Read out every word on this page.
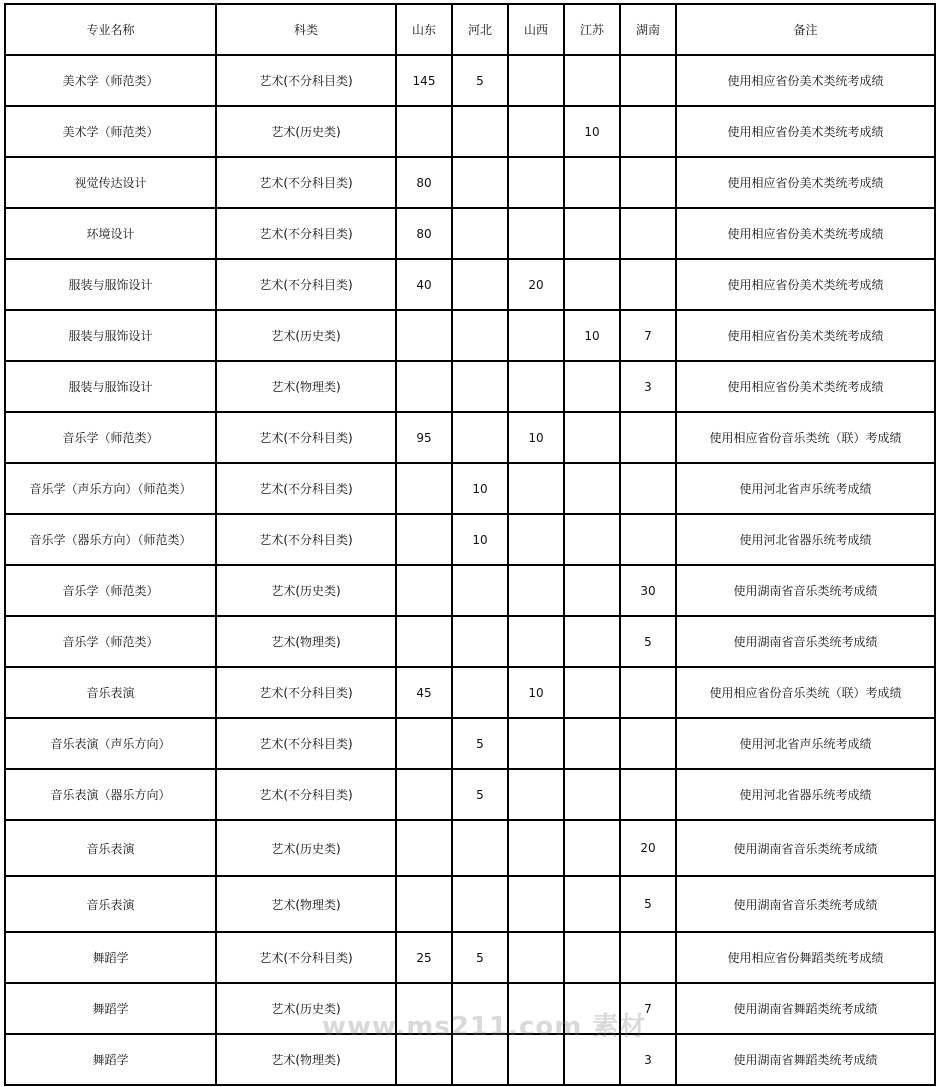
专业名称	科类	山东	河北	山西	江苏	湖南	备注
美术学（师范类）	艺术(不分科目类)	145	5				使用相应省份美术类统考成绩
美术学（师范类）	艺术(历史类)				10		使用相应省份美术类统考成绩
视觉传达设计	艺术(不分科目类)	80					使用相应省份美术类统考成绩
环境设计	艺术(不分科目类)	80					使用相应省份美术类统考成绩
服装与服饰设计	艺术(不分科目类)	40		20			使用相应省份美术类统考成绩
服装与服饰设计	艺术(历史类)				10	7	使用相应省份美术类统考成绩
服装与服饰设计	艺术(物理类)					3	使用相应省份美术类统考成绩
音乐学（师范类）	艺术(不分科目类)	95		10			使用相应省份音乐类统（联）考成绩
音乐学（声乐方向）（师范类）	艺术(不分科目类)		10				使用河北省声乐统考成绩
音乐学（器乐方向）（师范类）	艺术(不分科目类)		10				使用河北省器乐统考成绩
音乐学（师范类）	艺术(历史类)					30	使用湖南省音乐类统考成绩
音乐学（师范类）	艺术(物理类)					5	使用湖南省音乐类统考成绩
音乐表演	艺术(不分科目类)	45		10			使用相应省份音乐类统（联）考成绩
音乐表演（声乐方向）	艺术(不分科目类)		5				使用河北省声乐统考成绩
音乐表演（器乐方向）	艺术(不分科目类)		5				使用河北省器乐统考成绩
音乐表演	艺术(历史类)					20	使用湖南省音乐类统考成绩
音乐表演	艺术(物理类)					5	使用湖南省音乐类统考成绩
舞蹈学	艺术(不分科目类)	25	5				使用相应省份舞蹈类统考成绩
舞蹈学	艺术(历史类)					7	使用湖南省舞蹈类统考成绩
舞蹈学	艺术(物理类)					3	使用湖南省舞蹈类统考成绩
www.ms211.com 素材
